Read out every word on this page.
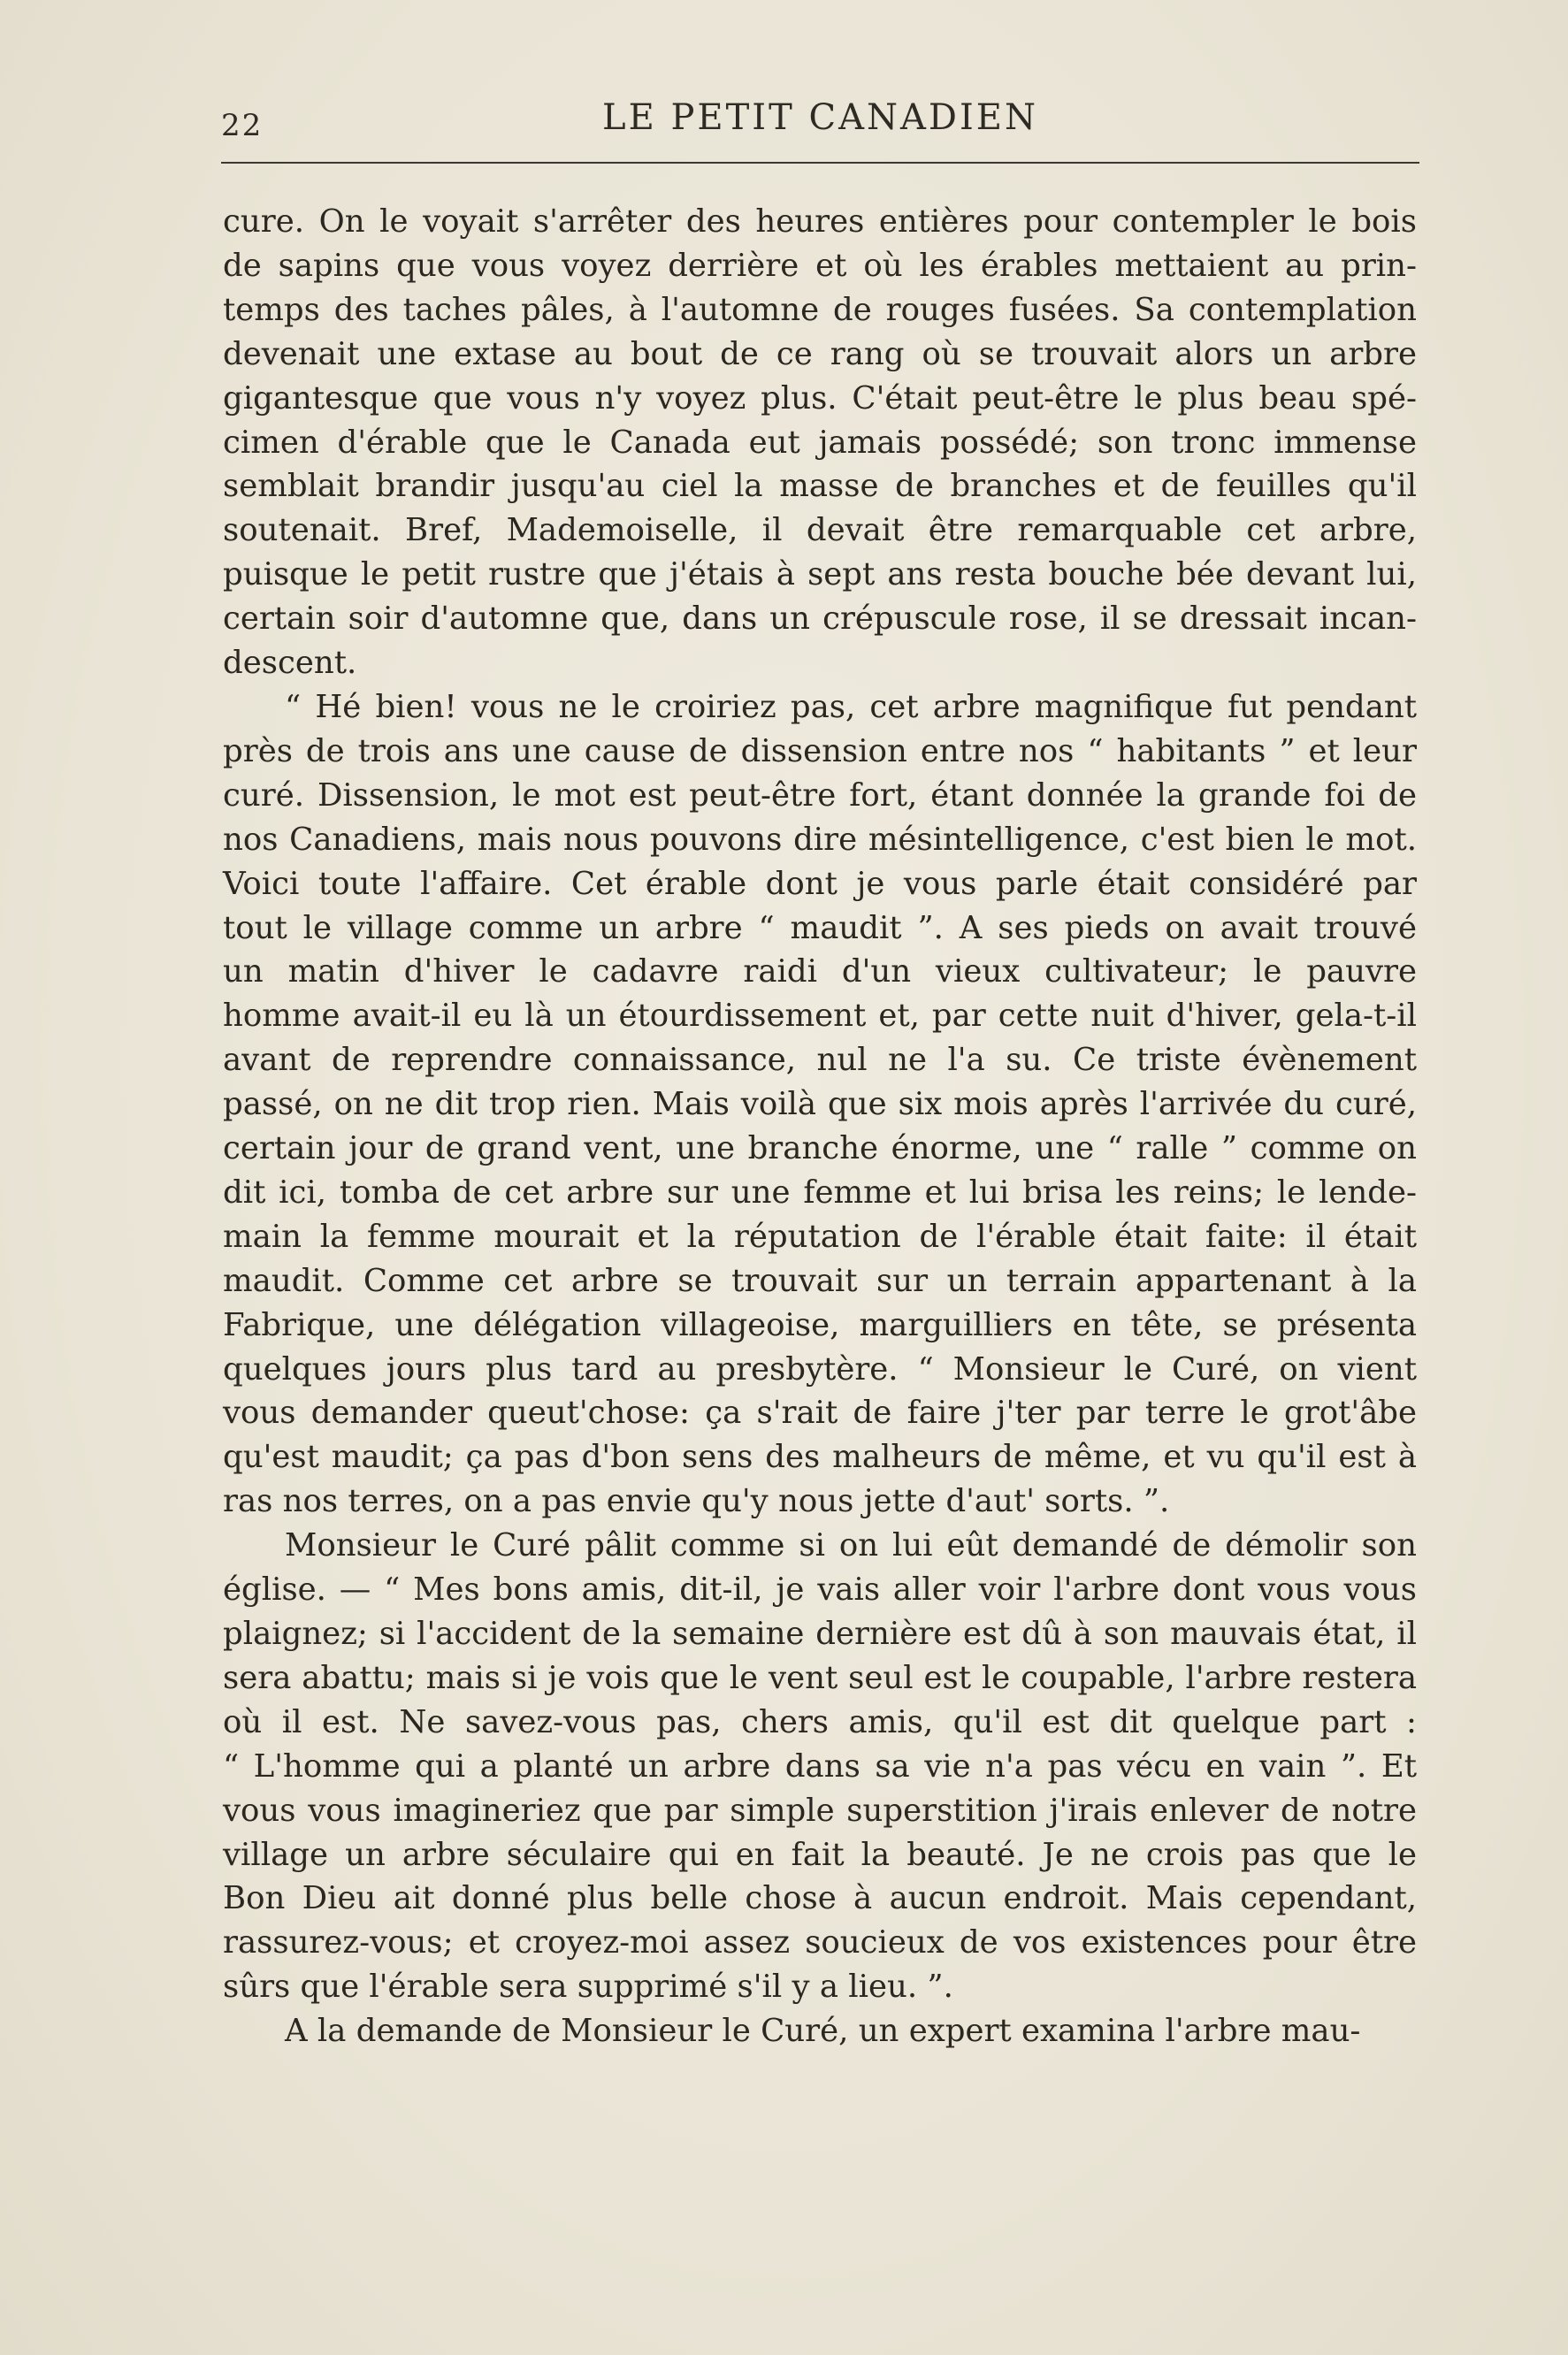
22	LE PETIT CANADIEN
cure. On le voyait s'arrêter des heures entières pour contempler le bois
de sapins que vous voyez derrière et où les érables mettaient au prin-
temps des taches pâles, à l'automne de rouges fusées. Sa contemplation
devenait une extase au bout de ce rang où se trouvait alors un arbre
gigantesque que vous n'y voyez plus. C'était peut-être le plus beau spé-
cimen d'érable que le Canada eut jamais possédé; son tronc immense
semblait brandir jusqu'au ciel la masse de branches et de feuilles qu'il
soutenait. Bref, Mademoiselle, il devait être remarquable cet arbre,
puisque le petit rustre que j'étais à sept ans resta bouche bée devant lui,
certain soir d'automne que, dans un crépuscule rose, il se dressait incan-
descent.
“ Hé bien! vous ne le croiriez pas, cet arbre magnifique fut pendant
près de trois ans une cause de dissension entre nos “ habitants ” et leur
curé. Dissension, le mot est peut-être fort, étant donnée la grande foi de
nos Canadiens, mais nous pouvons dire mésintelligence, c'est bien le mot.
Voici toute l'affaire. Cet érable dont je vous parle était considéré par
tout le village comme un arbre “ maudit ”. A ses pieds on avait trouvé
un matin d'hiver le cadavre raidi d'un vieux cultivateur; le pauvre
homme avait-il eu là un étourdissement et, par cette nuit d'hiver, gela-t-il
avant de reprendre connaissance, nul ne l'a su. Ce triste évènement
passé, on ne dit trop rien. Mais voilà que six mois après l'arrivée du curé,
certain jour de grand vent, une branche énorme, une “ ralle ” comme on
dit ici, tomba de cet arbre sur une femme et lui brisa les reins; le lende-
main la femme mourait et la réputation de l'érable était faite: il était
maudit. Comme cet arbre se trouvait sur un terrain appartenant à la
Fabrique, une délégation villageoise, marguilliers en tête, se présenta
quelques jours plus tard au presbytère. “ Monsieur le Curé, on vient
vous demander queut'chose: ça s'rait de faire j'ter par terre le grot'âbe
qu'est maudit; ça pas d'bon sens des malheurs de même, et vu qu'il est à
ras nos terres, on a pas envie qu'y nous jette d'aut' sorts. ”.
Monsieur le Curé pâlit comme si on lui eût demandé de démolir son
église. — “ Mes bons amis, dit-il, je vais aller voir l'arbre dont vous vous
plaignez; si l'accident de la semaine dernière est dû à son mauvais état, il
sera abattu; mais si je vois que le vent seul est le coupable, l'arbre restera
où il est. Ne savez-vous pas, chers amis, qu'il est dit quelque part :
“ L'homme qui a planté un arbre dans sa vie n'a pas vécu en vain ”. Et
vous vous imagineriez que par simple superstition j'irais enlever de notre
village un arbre séculaire qui en fait la beauté. Je ne crois pas que le
Bon Dieu ait donné plus belle chose à aucun endroit. Mais cependant,
rassurez-vous; et croyez-moi assez soucieux de vos existences pour être
sûrs que l'érable sera supprimé s'il y a lieu. ”.
A la demande de Monsieur le Curé, un expert examina l'arbre mau-
